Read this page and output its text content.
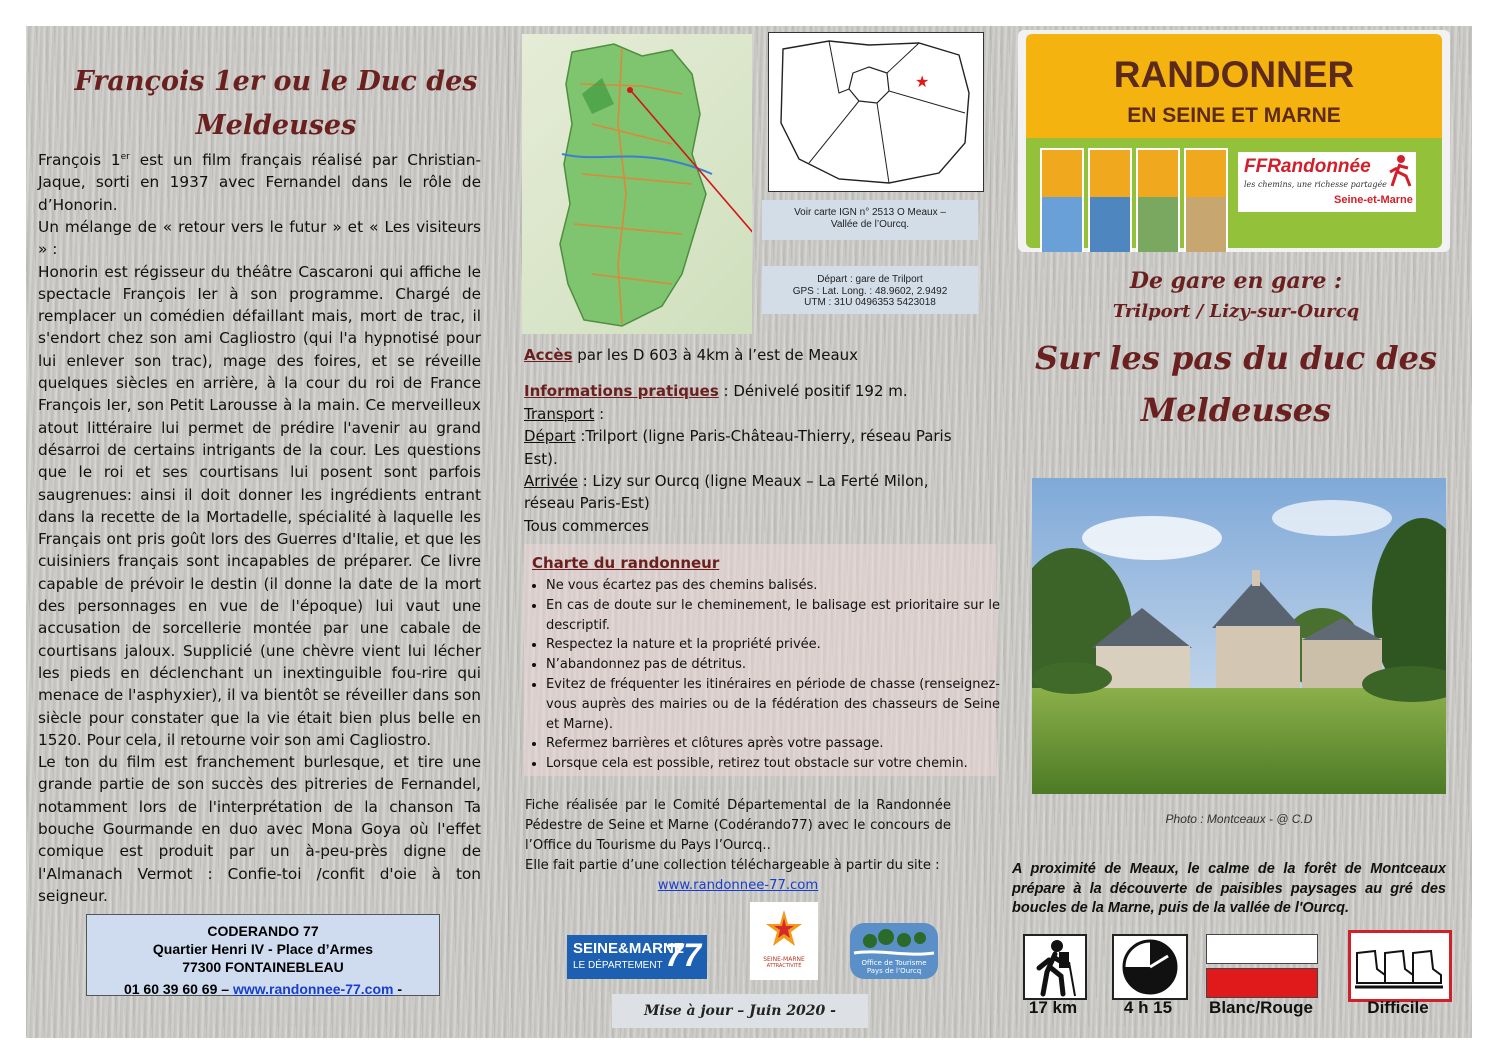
François 1er ou le Duc des
Meldeuses

François 1er est un film français réalisé par Christian-Jaque, sorti en 1937 avec Fernandel dans le rôle de d’Honorin.

Un mélange de « retour vers le futur » et « Les visiteurs » :

Honorin est régisseur du théâtre Cascaroni qui affiche le spectacle François Ier à son programme. Chargé de remplacer un comédien défaillant mais, mort de trac, il s'endort chez son ami Cagliostro (qui l'a hypnotisé pour lui enlever son trac), mage des foires, et se réveille quelques siècles en arrière, à la cour du roi de France François Ier, son Petit Larousse à la main. Ce merveilleux atout littéraire lui permet de prédire l'avenir au grand désarroi de certains intrigants de la cour. Les questions que le roi et ses courtisans lui posent sont parfois saugrenues: ainsi il doit donner les ingrédients entrant dans la recette de la Mortadelle, spécialité à laquelle les Français ont pris goût lors des Guerres d'Italie, et que les cuisiniers français sont incapables de préparer. Ce livre capable de prévoir le destin (il donne la date de la mort des personnages en vue de l'époque) lui vaut une accusation de sorcellerie montée par une cabale de courtisans jaloux. Supplicié (une chèvre vient lui lécher les pieds en déclenchant un inextinguible fou-rire qui menace de l'asphyxier), il va bientôt se réveiller dans son siècle pour constater que la vie était bien plus belle en 1520. Pour cela, il retourne voir son ami Cagliostro.

Le ton du film est franchement burlesque, et tire une grande partie de son succès des pitreries de Fernandel, notamment lors de l'interprétation de la chanson Ta bouche Gourmande en duo avec Mona Goya où l'effet comique est produit par un à-peu-près digne de l'Almanach Vermot : Confie-toi /confit d'oie à ton seigneur.

CODERANDO 77
Quartier Henri IV - Place d’Armes
77300 FONTAINEBLEAU
01 60 39 60 69 – www.randonnee-77.com -
★
Voir carte IGN n° 2513 O Meaux –
Vallée de l’Ourcq.
Départ : gare de Trilport
GPS : Lat. Long. : 48.9602, 2.9492
UTM : 31U 0496353 5423018

Accès par les D 603 à 4km à l’est de Meaux

Informations pratiques : Dénivelé positif 192 m.

Transport :

Départ :Trilport (ligne Paris-Château-Thierry, réseau Paris Est).

Arrivée : Lizy sur Ourcq (ligne Meaux – La Ferté Milon, réseau Paris-Est)

Tous commerces

Charte du randonneur
• Ne vous écartez pas des chemins balisés.
• En cas de doute sur le cheminement, le balisage est prioritaire sur le descriptif.
• Respectez la nature et la propriété privée.
• N’abandonnez pas de détritus.
• Evitez de fréquenter les itinéraires en période de chasse (renseignez-vous auprès des mairies ou de la fédération des chasseurs de Seine et Marne).
• Refermez barrières et clôtures après votre passage.
• Lorsque cela est possible, retirez tout obstacle sur votre chemin.
Fiche réalisée par le Comité Départemental de la Randonnée Pédestre de Seine et Marne (Codérando77) avec le concours de l’Office du Tourisme du Pays l’Ourcq..
Elle fait partie d’une collection téléchargeable à partir du site :
www.randonnee-77.com
SEINE&MARNE
LE DÉPARTEMENT 77	SEINE-MARNE
ATTRACTIVITÉ	Office de Tourisme
Pays de l’Ourcq
Mise à jour – Juin 2020 -
RANDONNER
EN SEINE ET MARNE
FFRandonnée
les chemins, une richesse partagée
Seine-et-Marne
De gare en gare :
Trilport / Lizy-sur-Ourcq
Sur les pas du duc des
Meldeuses
Photo : Montceaux - @ C.D
A proximité de Meaux, le calme de la forêt de Montceaux prépare à la découverte de paisibles paysages au gré des boucles de la Marne, puis de la vallée de l'Ourcq.
17 km	4 h 15	Blanc/Rouge	Difficile
